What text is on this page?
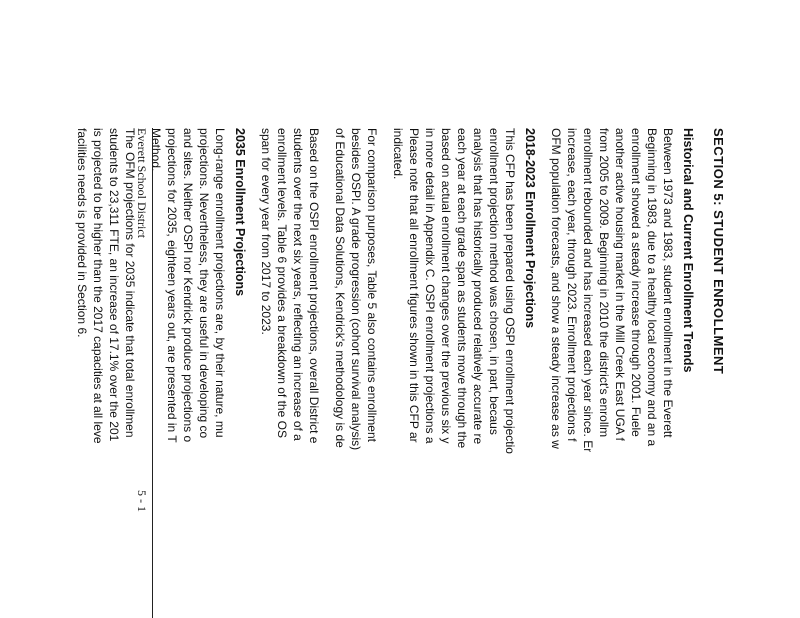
SECTION 5: STUDENT ENROLLMENT
Historical and Current Enrollment Trends
Between 1973 and 1983, student enrollment in the Everett
Beginning in 1983, due to a healthy local economy and an a
enrollment showed a steady increase through 2001. Fuele
another active housing market in the Mill Creek East UGA f
from 2005 to 2009. Beginning in 2010 the district's enrollm
enrollment rebounded and has increased each year since. Er
increase, each year, through 2023. Enrollment projections f
OFM population forecasts, and show a steady increase as w
2018-2023 Enrollment Projections
This CFP has been prepared using OSPI enrollment projectio
enrollment projection method was chosen, in part, becaus
analysis that has historically produced relatively accurate re
each year at each grade span as students move through the
based on actual enrollment changes over the previous six y
in more detail in Appendix C. OSPI enrollment projections a
Please note that all enrollment figures shown in this CFP ar
indicated.
For comparison purposes, Table 5 also contains enrollment
besides OSPI. A grade progression (cohort survival analysis)
of Educational Data Solutions, Kendrick's methodology is de
Based on the OSPI enrollment projections, overall District e
students over the next six years, reflecting an increase of a
enrollment levels. Table 6 provides a breakdown of the OS
span for every year from 2017 to 2023.
2035 Enrollment Projections
Long-range enrollment projections are, by their nature, mu
projections. Nevertheless, they are useful in developing co
and sites. Neither OSPI nor Kendrick produce projections o
projections for 2035, eighteen years out, are presented in T
Method.
The OFM projections for 2035 indicate that total enrollmen
students to 23,311 FTE, an increase of 17.1% over the 201
is projected to be higher than the 2017 capacities at all leve
facilities needs is provided in Section 6.	Everett School District
5 - 1
